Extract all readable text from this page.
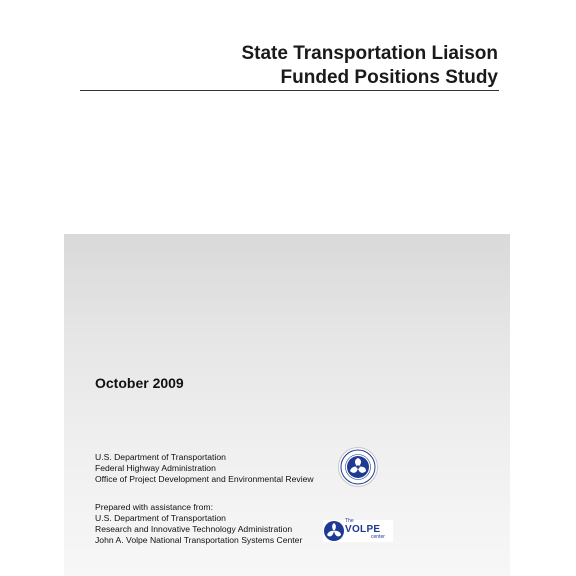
State Transportation Liaison
Funded Positions Study
October 2009
U.S. Department of Transportation
Federal Highway Administration
Office of Project Development and Environmental Review
Prepared with assistance from:
U.S. Department of Transportation
Research and Innovative Technology Administration
John A. Volpe National Transportation Systems Center
The
VOLPE
center
